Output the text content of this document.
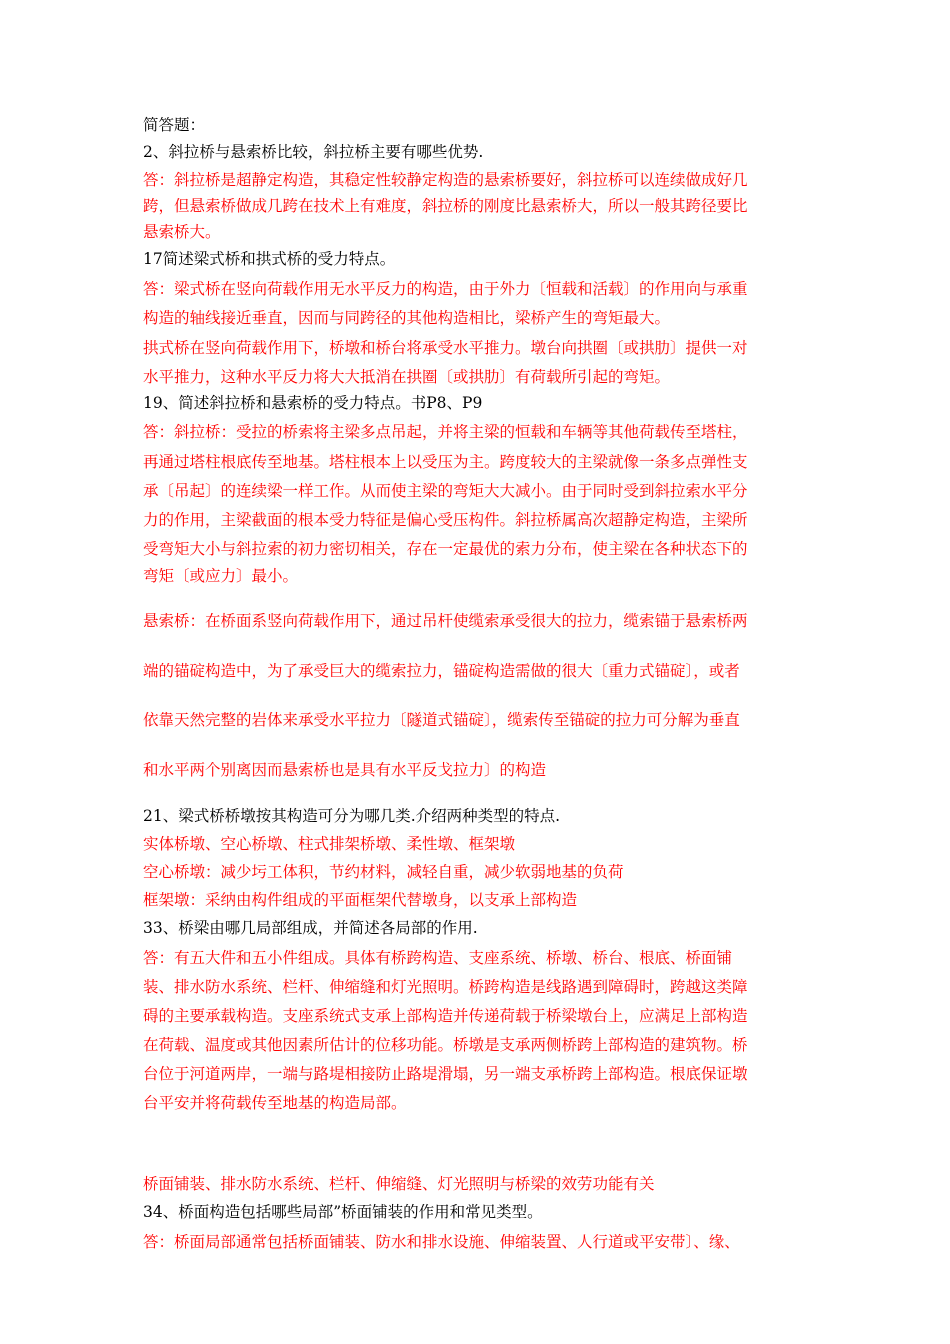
简答题：
2、斜拉桥与悬索桥比较，斜拉桥主要有哪些优势.
答：斜拉桥是超静定构造，其稳定性较静定构造的悬索桥要好，斜拉桥可以连续做成好几
跨，但悬索桥做成几跨在技术上有难度，斜拉桥的刚度比悬索桥大，所以一般其跨径要比
悬索桥大。
17简述梁式桥和拱式桥的受力特点。
答：梁式桥在竖向荷载作用无水平反力的构造，由于外力〔恒载和活载〕的作用向与承重
构造的轴线接近垂直，因而与同跨径的其他构造相比，梁桥产生的弯矩最大。
拱式桥在竖向荷载作用下，桥墩和桥台将承受水平推力。墩台向拱圈〔或拱肋〕提供一对
水平推力，这种水平反力将大大抵消在拱圈〔或拱肋〕有荷载所引起的弯矩。
19、简述斜拉桥和悬索桥的受力特点。书P8、P9
答：斜拉桥：受拉的桥索将主梁多点吊起，并将主梁的恒载和车辆等其他荷载传至塔柱，
再通过塔柱根底传至地基。塔柱根本上以受压为主。跨度较大的主梁就像一条多点弹性支
承〔吊起〕的连续梁一样工作。从而使主梁的弯矩大大减小。由于同时受到斜拉索水平分
力的作用，主梁截面的根本受力特征是偏心受压构件。斜拉桥属高次超静定构造，主梁所
受弯矩大小与斜拉索的初力密切相关，存在一定最优的索力分布，使主梁在各种状态下的
弯矩〔或应力〕最小。
悬索桥：在桥面系竖向荷载作用下，通过吊杆使缆索承受很大的拉力，缆索锚于悬索桥两
端的锚碇构造中，为了承受巨大的缆索拉力，锚碇构造需做的很大〔重力式锚碇〕，或者
依靠天然完整的岩体来承受水平拉力〔隧道式锚碇〕，缆索传至锚碇的拉力可分解为垂直
和水平两个别离因而悬索桥也是具有水平反戈拉力〕的构造
21、梁式桥桥墩按其构造可分为哪几类.介绍两种类型的特点.
实体桥墩、空心桥墩、柱式排架桥墩、柔性墩、框架墩
空心桥墩：减少圬工体积，节约材料，减轻自重，减少软弱地基的负荷
框架墩：采纳由构件组成的平面框架代替墩身，以支承上部构造
33、桥梁由哪几局部组成，并简述各局部的作用.
答：有五大件和五小件组成。具体有桥跨构造、支座系统、桥墩、桥台、根底、桥面铺
装、排水防水系统、栏杆、伸缩缝和灯光照明。桥跨构造是线路遇到障碍时，跨越这类障
碍的主要承载构造。支座系统式支承上部构造并传递荷载于桥梁墩台上，应满足上部构造
在荷载、温度或其他因素所估计的位移功能。桥墩是支承两侧桥跨上部构造的建筑物。桥
台位于河道两岸，一端与路堤相接防止路堤滑塌，另一端支承桥跨上部构造。根底保证墩
台平安并将荷载传至地基的构造局部。
桥面铺装、排水防水系统、栏杆、伸缩缝、灯光照明与桥梁的效劳功能有关
34、桥面构造包括哪些局部”桥面铺装的作用和常见类型。
答：桥面局部通常包括桥面铺装、防水和排水设施、伸缩装置、人行道或平安带〕、缘、
